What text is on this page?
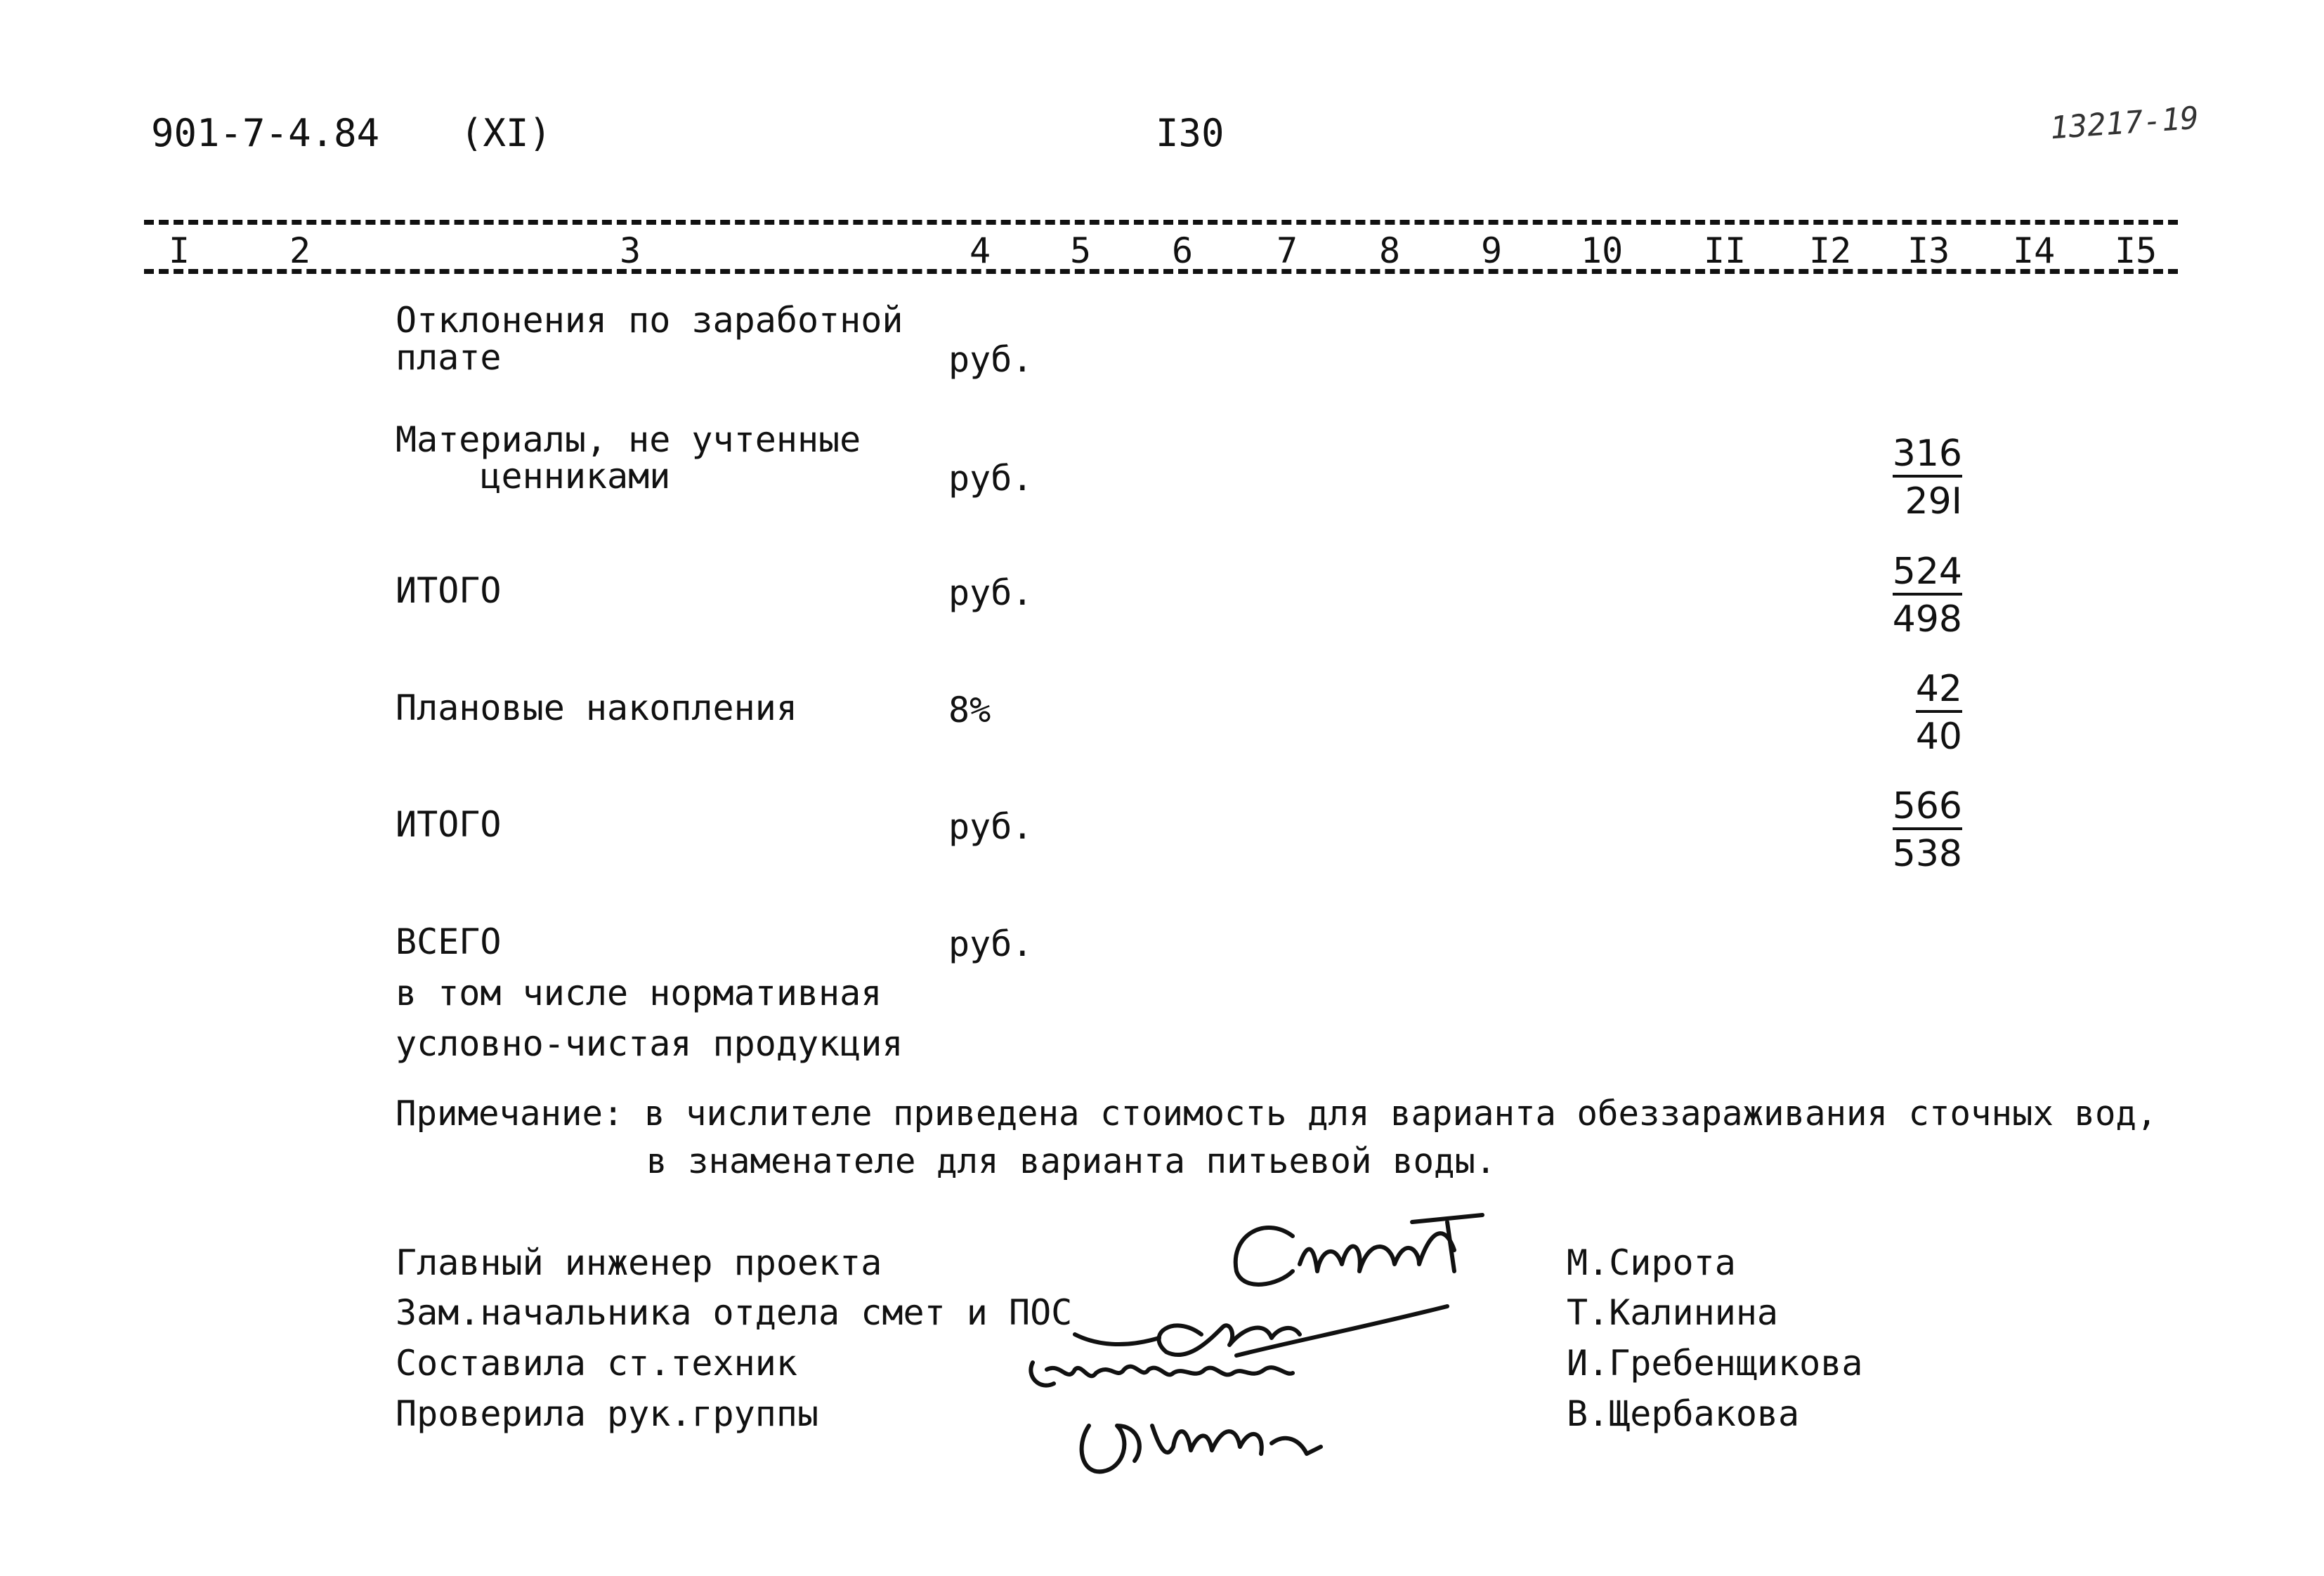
901-7-4.84 (XI)	I30	13217-19
I	2	3	4 5 6 7 8 9 10 II I2 I3 I4 I5
Отклонения по заработной
плате	руб.
Материалы, не учтенные
ценниками	руб.	$\frac{316}{29I}$
ИТОГО	руб.	$\frac{524}{498}$
Плановые накопления	8%	$\frac{42}{40}$
ИТОГО	руб.	$\frac{566}{538}$
ВСЕГО	руб.
в том числе нормативная
условно-чистая продукция
Примечание: в числителе приведена стоимость для варианта обеззараживания сточных вод,
в знаменателе для варианта питьевой воды.
Главный инженер проекта
Зам.начальника отдела смет и ПОС
Составила ст.техник
Проверила рук.группы
М.Сирота
Т.Калинина
И.Гребенщикова
В.Щербакова
